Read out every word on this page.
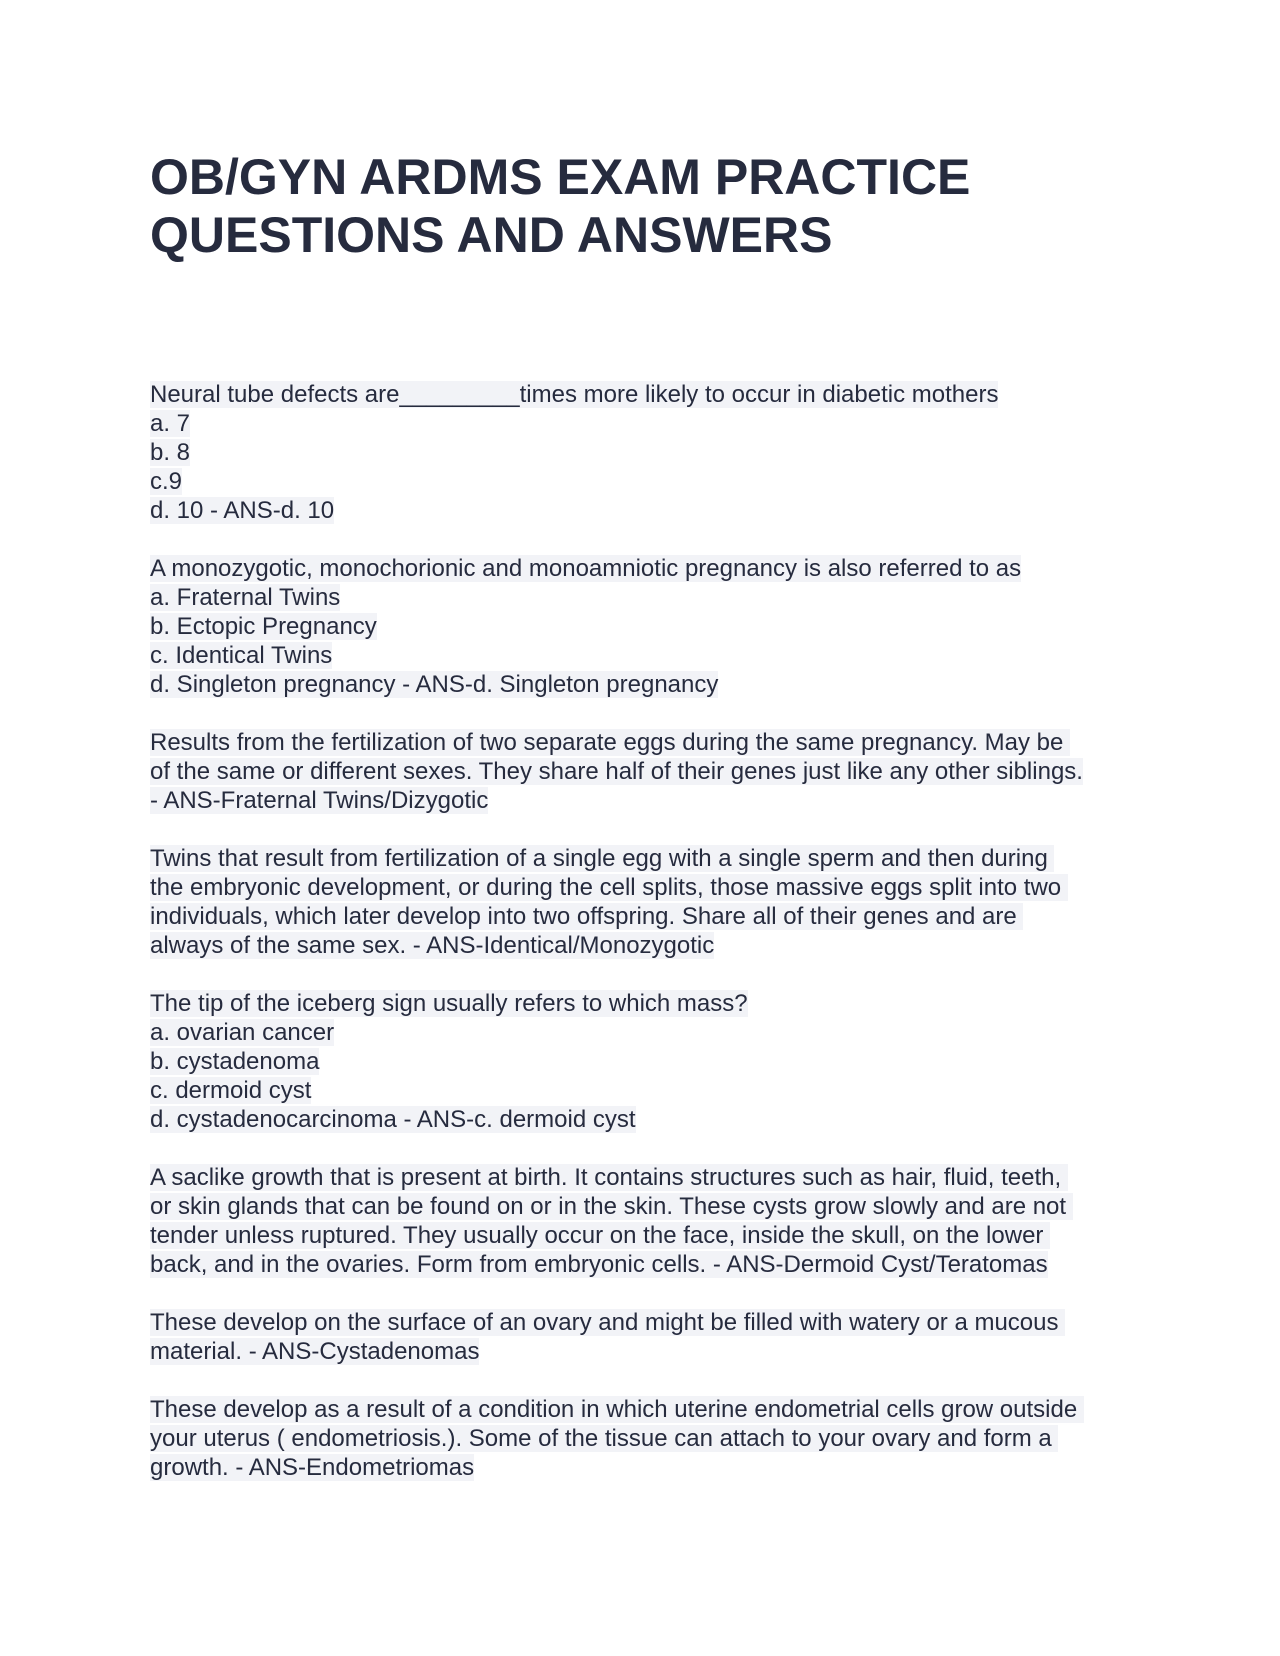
OB/GYN ARDMS EXAM PRACTICE
QUESTIONS AND ANSWERS
Neural tube defects are_________times more likely to occur in diabetic mothers
a. 7
b. 8
c.9
d. 10 - ANS-d. 10
A monozygotic, monochorionic and monoamniotic pregnancy is also referred to as
a. Fraternal Twins
b. Ectopic Pregnancy
c. Identical Twins
d. Singleton pregnancy - ANS-d. Singleton pregnancy
Results from the fertilization of two separate eggs during the same pregnancy. May be
of the same or different sexes. They share half of their genes just like any other siblings.
- ANS-Fraternal Twins/Dizygotic
Twins that result from fertilization of a single egg with a single sperm and then during
the embryonic development, or during the cell splits, those massive eggs split into two
individuals, which later develop into two offspring. Share all of their genes and are
always of the same sex. - ANS-Identical/Monozygotic
The tip of the iceberg sign usually refers to which mass?
a. ovarian cancer
b. cystadenoma
c. dermoid cyst
d. cystadenocarcinoma - ANS-c. dermoid cyst
A saclike growth that is present at birth. It contains structures such as hair, fluid, teeth,
or skin glands that can be found on or in the skin. These cysts grow slowly and are not
tender unless ruptured. They usually occur on the face, inside the skull, on the lower
back, and in the ovaries. Form from embryonic cells. - ANS-Dermoid Cyst/Teratomas
These develop on the surface of an ovary and might be filled with watery or a mucous
material. - ANS-Cystadenomas
These develop as a result of a condition in which uterine endometrial cells grow outside
your uterus ( endometriosis.). Some of the tissue can attach to your ovary and form a
growth. - ANS-Endometriomas
